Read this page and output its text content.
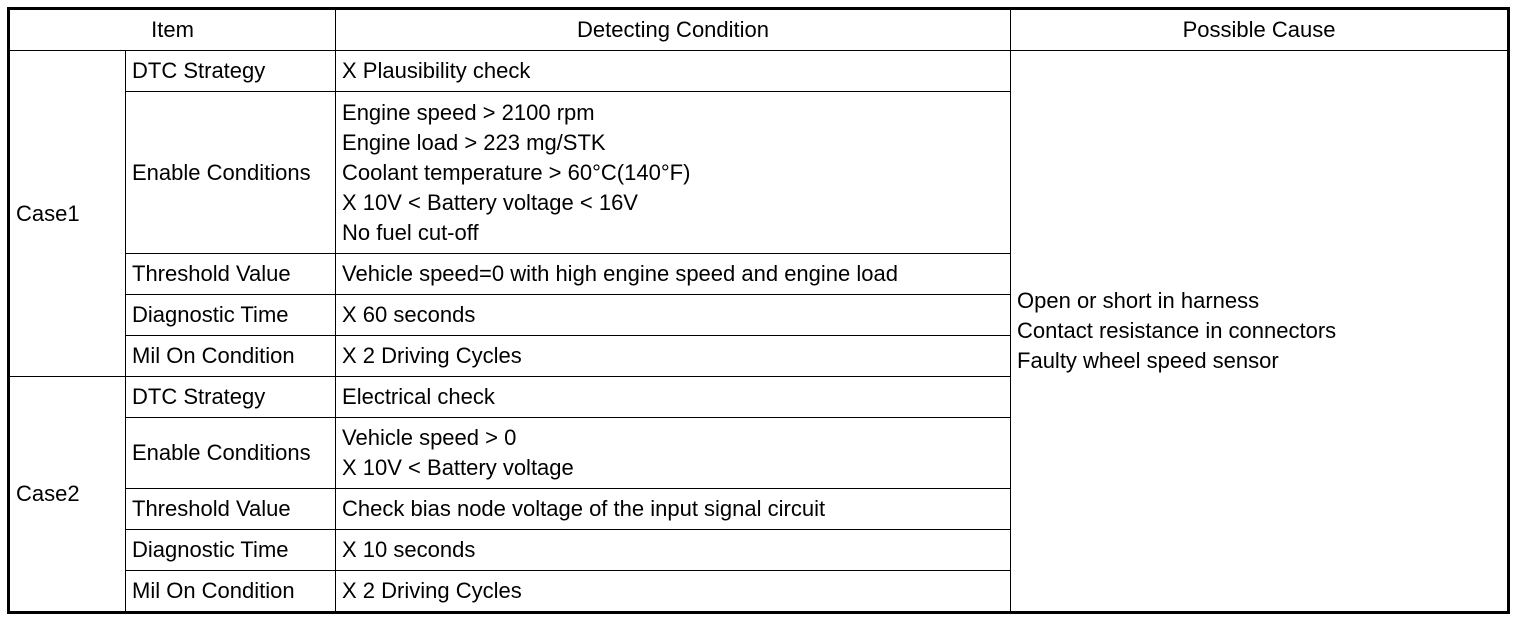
Item		Detecting Condition	Possible Cause
Case1	DTC Strategy	X Plausibility check	Open or short in harness
Contact resistance in connectors
Faulty wheel speed sensor

	Enable Conditions	Engine speed > 2100 rpm
Engine load > 223 mg/STK
Coolant temperature > 60°C(140°F)
X 10V < Battery voltage < 16V
No fuel cut-off	

	Threshold Value	Vehicle speed=0 with high engine speed and engine load	
	Diagnostic Time	X 60 seconds	
	Mil On Condition	X 2 Driving Cycles	
Case2	DTC Strategy	Electrical check	
	Enable Conditions	Vehicle speed > 0
X 10V < Battery voltage	

	Threshold Value	Check bias node voltage of the input signal circuit	
	Diagnostic Time	X 10 seconds	
	Mil On Condition	X 2 Driving Cycles	
